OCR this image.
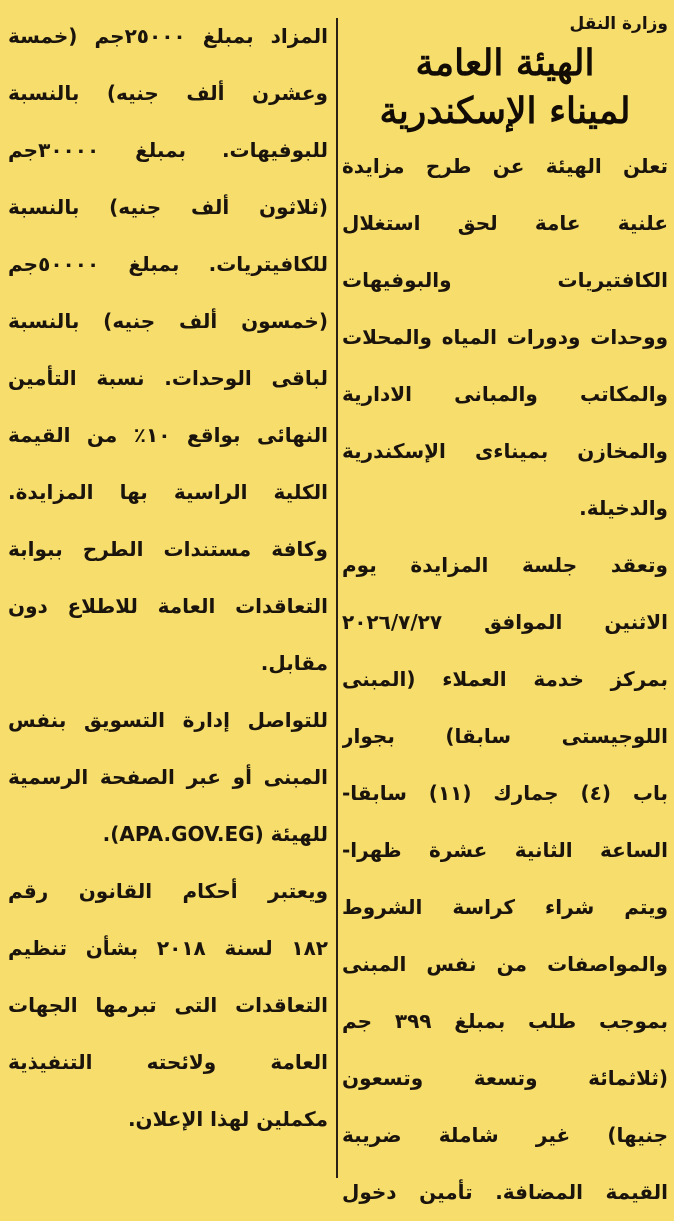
وزارة النقل
الهيئة العامة
لميناء الإسكندرية
تعلن الهيئة عن طرح مزايدة
علنية عامة لحق استغلال
الكافتيريات والبوفيهات
ووحدات ودورات المياه والمحلات
والمكاتب والمبانى الادارية
والمخازن بميناءى الإسكندرية
والدخيلة.
وتعقد جلسة المزايدة يوم
الاثنين الموافق ٢٠٢٦/٧/٢٧
بمركز خدمة العملاء (المبنى
اللوجيستى سابقا) بجوار
باب (٤) جمارك (١١) سابقا-
الساعة الثانية عشرة ظهرا-
ويتم شراء كراسة الشروط
والمواصفات من نفس المبنى
بموجب طلب بمبلغ ٣٩٩ جم
(ثلاثمائة وتسعة وتسعون
جنيها) غير شاملة ضريبة
القيمة المضافة. تأمين دخول
المزاد بمبلغ ٢٥٠٠٠جم (خمسة
وعشرن ألف جنيه) بالنسبة
للبوفيهات. بمبلغ ٣٠٠٠٠جم
(ثلاثون ألف جنيه) بالنسبة
للكافيتريات. بمبلغ ٥٠٠٠٠جم
(خمسون ألف جنيه) بالنسبة
لباقى الوحدات. نسبة التأمين
النهائى بواقع ١٠٪ من القيمة
الكلية الراسية بها المزايدة.
وكافة مستندات الطرح ببوابة
التعاقدات العامة للاطلاع دون
مقابل.
للتواصل إدارة التسويق بنفس
المبنى أو عبر الصفحة الرسمية
للهيئة (APA.GOV.EG).
ويعتبر أحكام القانون رقم
١٨٢ لسنة ٢٠١٨ بشأن تنظيم
التعاقدات التى تبرمها الجهات
العامة ولائحته التنفيذية
مكملين لهذا الإعلان.
